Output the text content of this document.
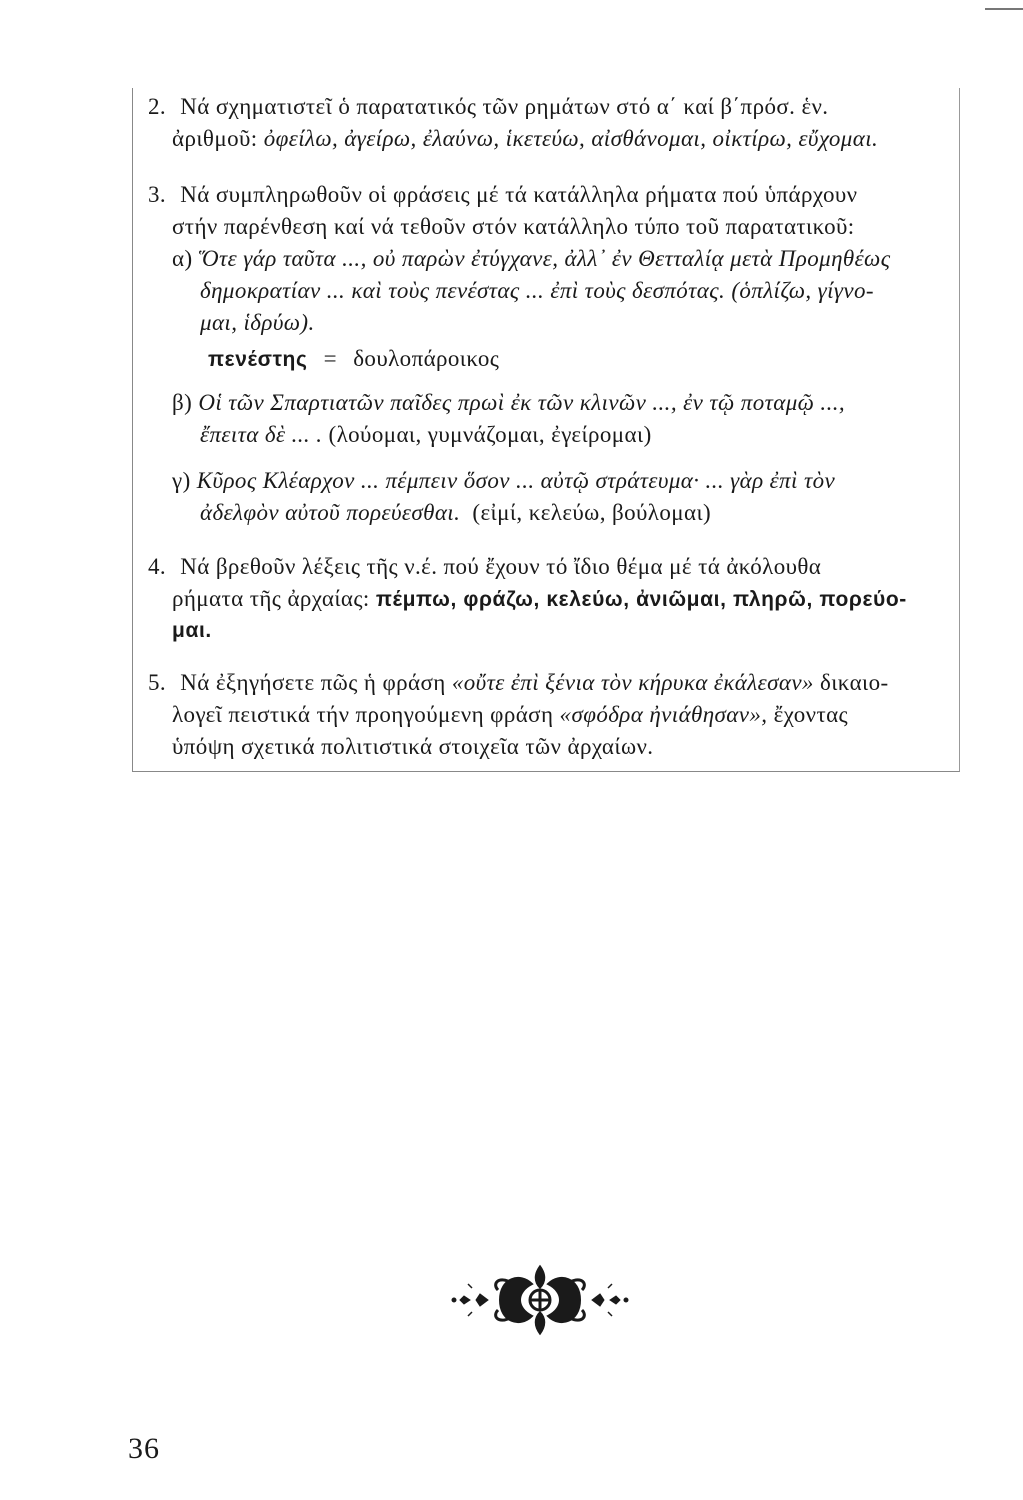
2. Νά σχηματιστεῖ ὁ παρατατικός τῶν ρημάτων στό α΄ καί β΄πρόσ. ἑν.
ἀριθμοῦ: ὀφείλω, ἀγείρω, ἐλαύνω, ἱκετεύω, αἰσθάνομαι, οἰκτίρω, εὔχομαι.
3. Νά συμπληρωθοῦν οἱ φράσεις μέ τά κατάλληλα ρήματα πού ὑπάρχουν
στήν παρένθεση καί νά τεθοῦν στόν κατάλληλο τύπο τοῦ παρατατικοῦ:
α) Ὅτε γάρ ταῦτα ..., οὐ παρὼν ἐτύγχανε, ἀλλ᾽ ἐν Θετταλίᾳ μετὰ Προμηθέως
δημοκρατίαν ... καὶ τοὺς πενέστας ... ἐπὶ τοὺς δεσπότας. (ὁπλίζω, γίγνο-
μαι, ἱδρύω).
πενέστης = δουλοπάροικος
β) Οἱ τῶν Σπαρτιατῶν παῖδες πρωὶ ἐκ τῶν κλινῶν ..., ἐν τῷ ποταμῷ ...,
ἔπειτα δὲ ... . (λούομαι, γυμνάζομαι, ἐγείρομαι)
γ) Κῦρος Κλέαρχον ... πέμπειν ὅσον ... αὐτῷ στράτευμα· ... γὰρ ἐπὶ τὸν
ἀδελφὸν αὐτοῦ πορεύεσθαι. (εἰμί, κελεύω, βούλομαι)
4. Νά βρεθοῦν λέξεις τῆς ν.έ. πού ἔχουν τό ἴδιο θέμα μέ τά ἀκόλουθα
ρήματα τῆς ἀρχαίας: πέμπω, φράζω, κελεύω, ἀνιῶμαι, πληρῶ, πορεύο-
μαι.
5. Νά ἐξηγήσετε πῶς ἡ φράση «οὔτε ἐπὶ ξένια τὸν κήρυκα ἐκάλεσαν» δικαιο-
λογεῖ πειστικά τήν προηγούμενη φράση «σφόδρα ἠνιάθησαν», ἔχοντας
ὑπόψη σχετικά πολιτιστικά στοιχεῖα τῶν ἀρχαίων.
36
